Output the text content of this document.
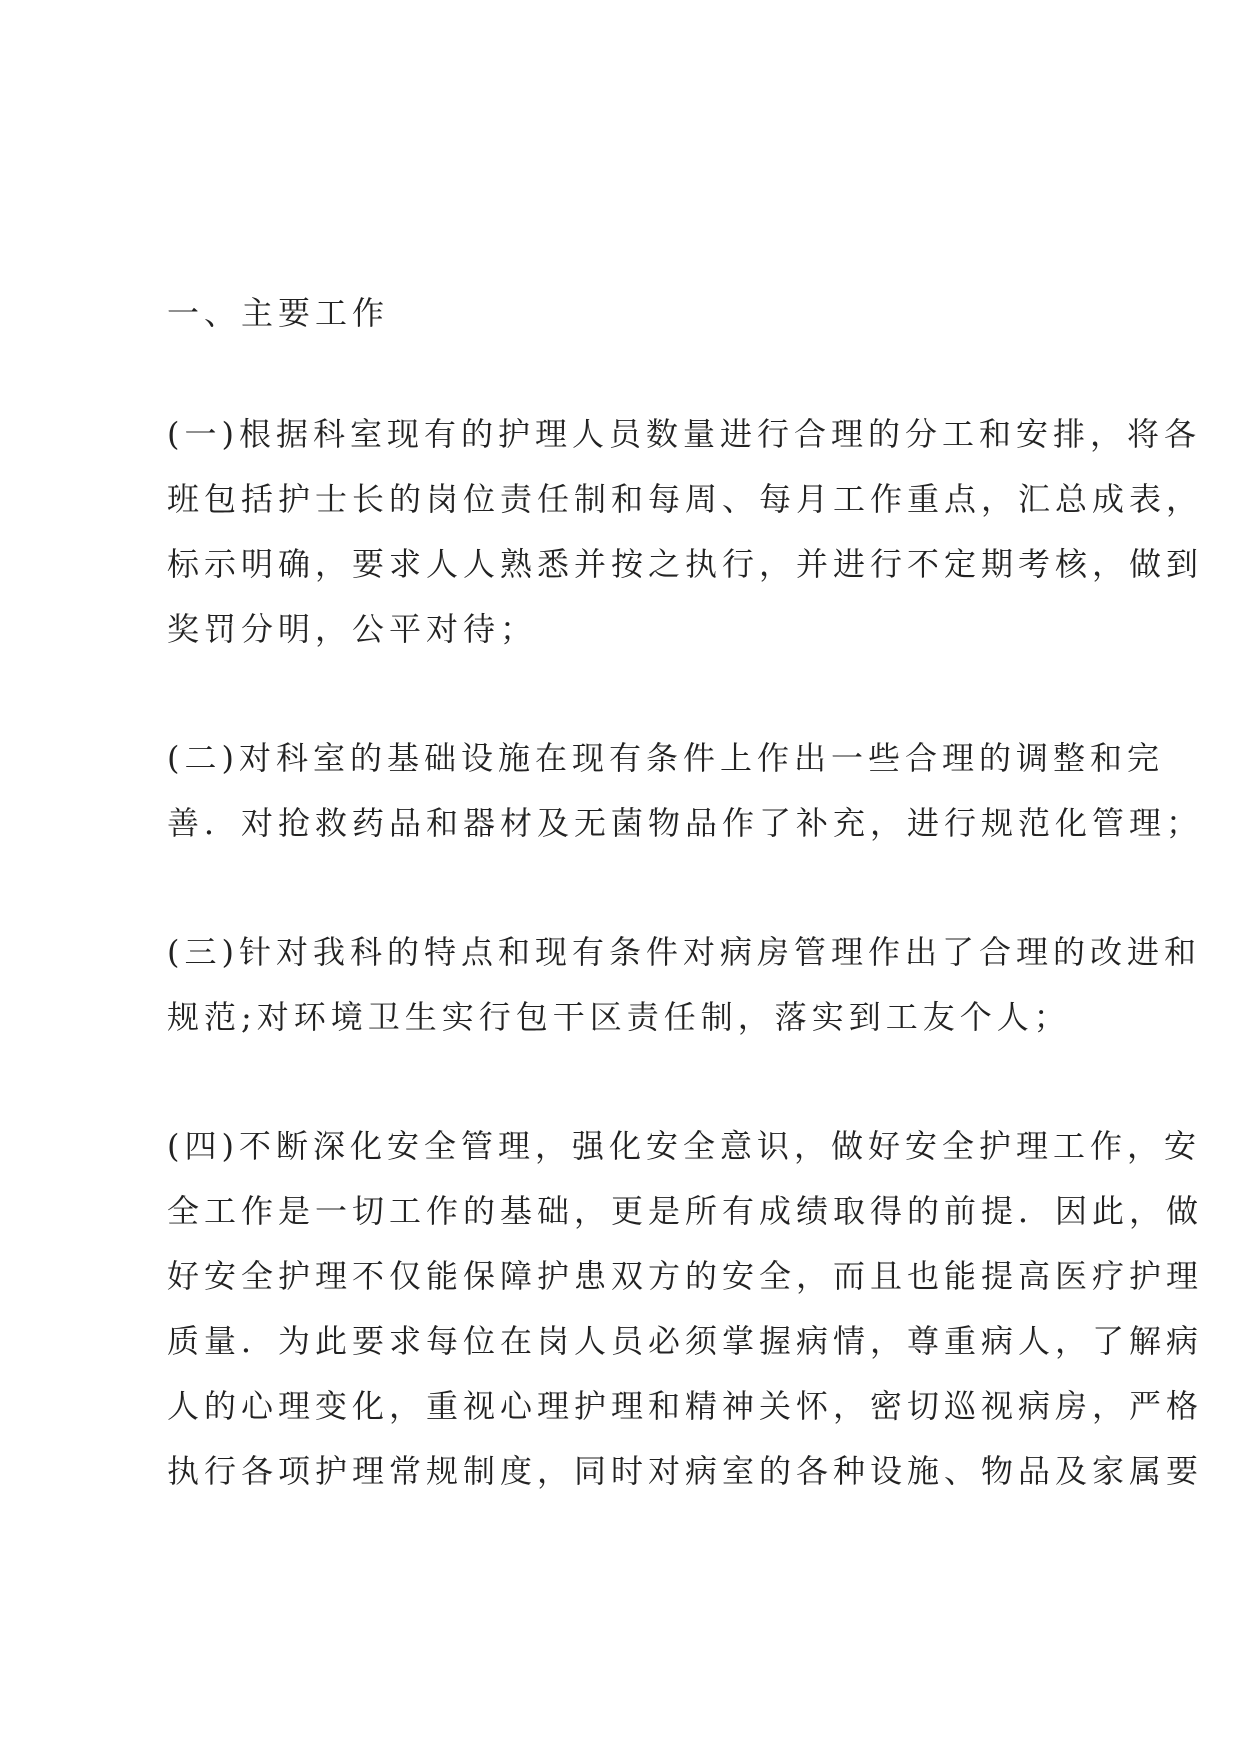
一、主要工作
(一)根据科室现有的护理人员数量进行合理的分工和安排，将各
班包括护士长的岗位责任制和每周、每月工作重点，汇总成表，
标示明确，要求人人熟悉并按之执行，并进行不定期考核，做到
奖罚分明，公平对待；
(二)对科室的基础设施在现有条件上作出一些合理的调整和完
善．对抢救药品和器材及无菌物品作了补充，进行规范化管理；
(三)针对我科的特点和现有条件对病房管理作出了合理的改进和
规范;对环境卫生实行包干区责任制，落实到工友个人；
(四)不断深化安全管理，强化安全意识，做好安全护理工作，安
全工作是一切工作的基础，更是所有成绩取得的前提．因此，做
好安全护理不仅能保障护患双方的安全，而且也能提高医疗护理
质量．为此要求每位在岗人员必须掌握病情，尊重病人，了解病
人的心理变化，重视心理护理和精神关怀，密切巡视病房，严格
执行各项护理常规制度，同时对病室的各种设施、物品及家属要
